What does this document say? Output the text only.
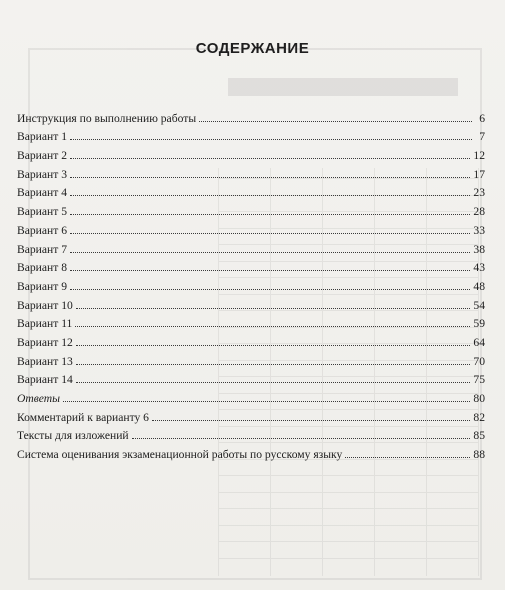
СОДЕРЖАНИЕ
Инструкция по выполнению работы	6
Вариант 1	7
Вариант 2	12
Вариант 3	17
Вариант 4	23
Вариант 5	28
Вариант 6	33
Вариант 7	38
Вариант 8	43
Вариант 9	48
Вариант 10	54
Вариант 11	59
Вариант 12	64
Вариант 13	70
Вариант 14	75
Ответы	80
Комментарий к варианту 6	82
Тексты для изложений	85
Система оценивания экзаменационной работы по русскому языку	88
